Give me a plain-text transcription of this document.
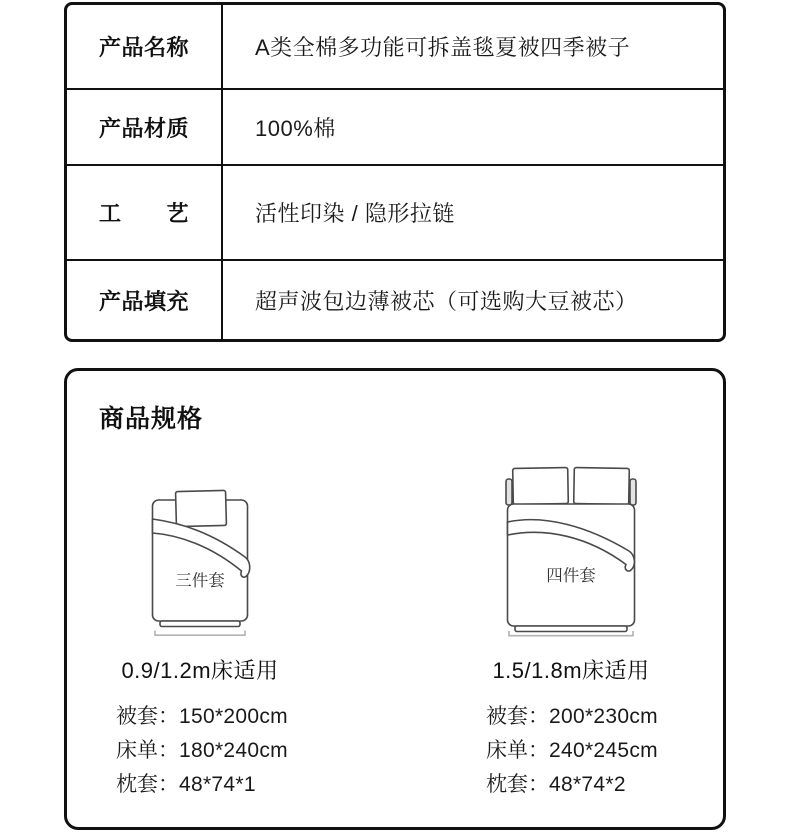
产品名称	A类全棉多功能可拆盖毯夏被四季被子
产品材质	100%棉
工　　艺	活性印染 / 隐形拉链
产品填充	超声波包边薄被芯（可选购大豆被芯）
商品规格
三件套	四件套
0.9/1.2m床适用	1.5/1.8m床适用
被套： 150*200cm
床单： 180*240cm
枕套： 48*74*1
被套： 200*230cm
床单： 240*245cm
枕套： 48*74*2
